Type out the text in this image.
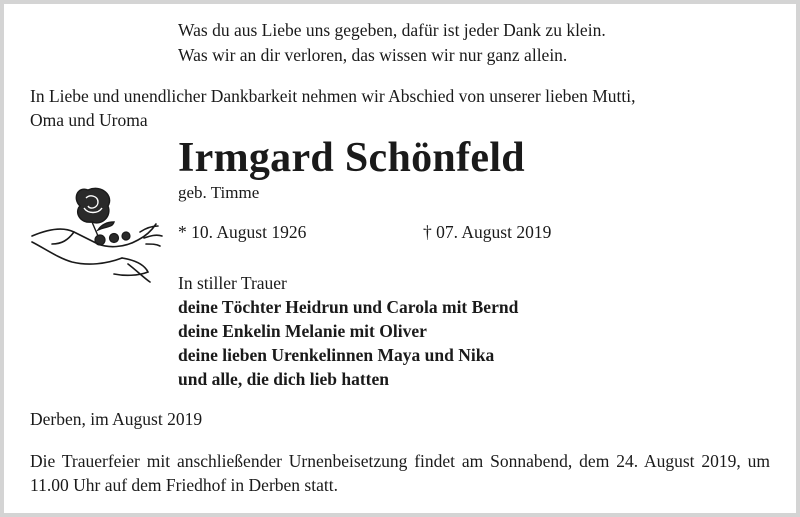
Was du aus Liebe uns gegeben, dafür ist jeder Dank zu klein.
Was wir an dir verloren, das wissen wir nur ganz allein.
In Liebe und unendlicher Dankbarkeit nehmen wir Abschied von unserer lieben Mutti,
Oma und Uroma
Irmgard Schönfeld
geb. Timme
* 10. August 1926	† 07. August 2019
In stiller Trauer
deine Töchter Heidrun und Carola mit Bernd
deine Enkelin Melanie mit Oliver
deine lieben Urenkelinnen Maya und Nika
und alle, die dich lieb hatten
Derben, im August 2019
Die Trauerfeier mit anschließender Urnenbeisetzung findet am Sonnabend, dem 24. August 2019, um 11.00 Uhr auf dem Friedhof in Derben statt.
